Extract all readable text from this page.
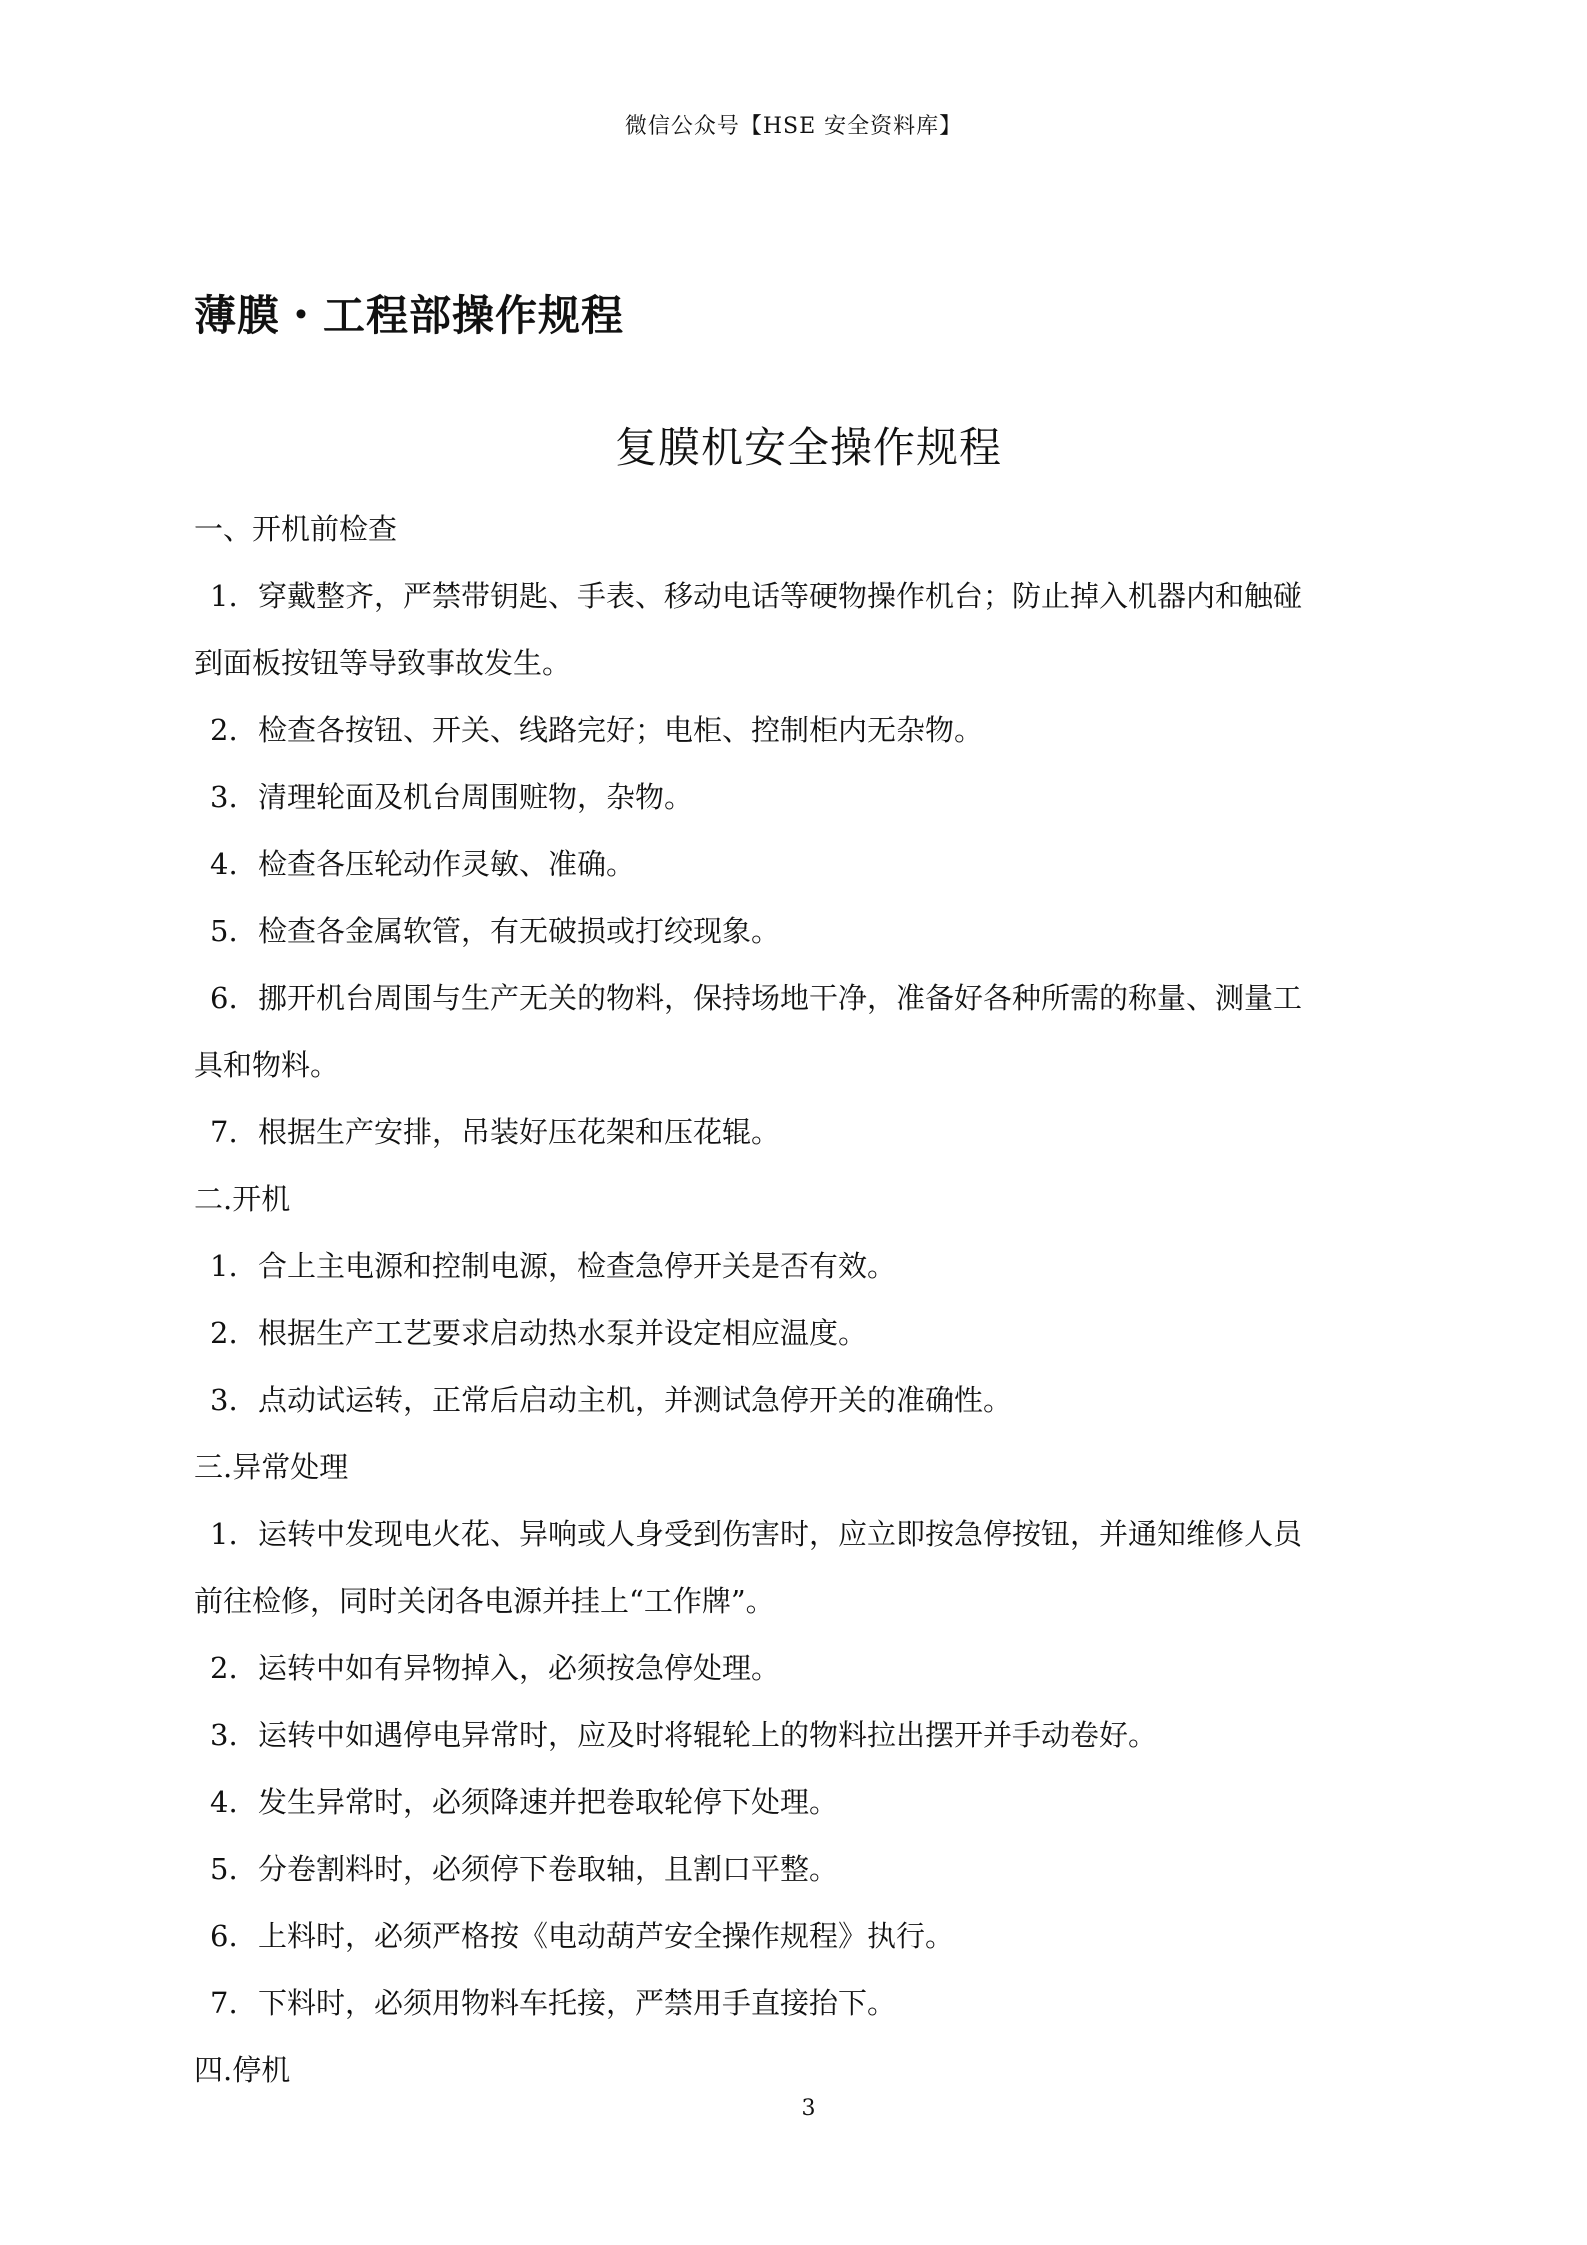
微信公众号【HSE 安全资料库】
薄膜・工程部操作规程
复膜机安全操作规程
一、开机前检查
1. 穿戴整齐，严禁带钥匙、手表、移动电话等硬物操作机台；防止掉入机器内和触碰
到面板按钮等导致事故发生。
2. 检查各按钮、开关、线路完好；电柜、控制柜内无杂物。
3. 清理轮面及机台周围赃物，杂物。
4. 检查各压轮动作灵敏、准确。
5. 检查各金属软管，有无破损或打绞现象。
6. 挪开机台周围与生产无关的物料，保持场地干净，准备好各种所需的称量、测量工
具和物料。
7. 根据生产安排，吊装好压花架和压花辊。
二.开机
1. 合上主电源和控制电源，检查急停开关是否有效。
2. 根据生产工艺要求启动热水泵并设定相应温度。
3. 点动试运转，正常后启动主机，并测试急停开关的准确性。
三.异常处理
1. 运转中发现电火花、异响或人身受到伤害时，应立即按急停按钮，并通知维修人员
前往检修，同时关闭各电源并挂上“工作牌”。
2. 运转中如有异物掉入，必须按急停处理。
3. 运转中如遇停电异常时，应及时将辊轮上的物料拉出摆开并手动卷好。
4. 发生异常时，必须降速并把卷取轮停下处理。
5. 分卷割料时，必须停下卷取轴，且割口平整。
6. 上料时，必须严格按《电动葫芦安全操作规程》执行。
7. 下料时，必须用物料车托接，严禁用手直接抬下。
四.停机
3
